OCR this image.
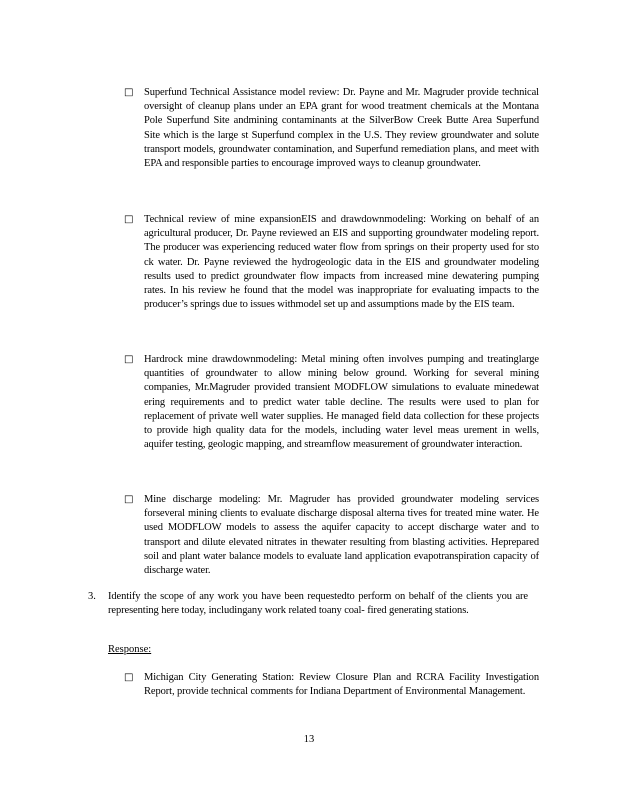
□ Superfund Technical Assistance model review: Dr. Payne and Mr. Magruder provide technical oversight of cleanup plans under an EPA grant for wood treatment chemicals at the Montana Pole Superfund Site andmining contaminants at the SilverBow Creek Butte Area Superfund Site which is the large st Superfund complex in the U.S. They review groundwater and solute transport models, groundwater contamination, and Superfund remediation plans, and meet with EPA and responsible parties to encourage improved ways to cleanup groundwater.
□ Technical review of mine expansionEIS and drawdownmodeling: Working on behalf of an agricultural producer, Dr. Payne reviewed an EIS and supporting groundwater modeling report. The producer was experiencing reduced water flow from springs on their property used for sto ck water. Dr. Payne reviewed the hydrogeologic data in the EIS and groundwater modeling results used to predict groundwater flow impacts from increased mine dewatering pumping rates. In his review he found that the model was inappropriate for evaluating impacts to the producer’s springs due to issues withmodel set up and assumptions made by the EIS team.
□ Hardrock mine drawdownmodeling: Metal mining often involves pumping and treatinglarge quantities of groundwater to allow mining below ground. Working for several mining companies, Mr.Magruder provided transient MODFLOW simulations to evaluate minedewat ering requirements and to predict water table decline. The results were used to plan for replacement of private well water supplies. He managed field data collection for these projects to provide high quality data for the models, including water level meas urement in wells, aquifer testing, geologic mapping, and streamflow measurement of groundwater interaction.
□ Mine discharge modeling: Mr. Magruder has provided groundwater modeling services forseveral mining clients to evaluate discharge disposal alterna tives for treated mine water. He used MODFLOW models to assess the aquifer capacity to accept discharge water and to transport and dilute elevated nitrates in thewater resulting from blasting activities. Heprepared soil and plant water balance models to evaluate land application evapotranspiration capacity of discharge water.
3. Identify the scope of any work you have been requestedto perform on behalf of the clients you are representing here today, includingany work related toany coal- fired generating stations.
Response:
□ Michigan City Generating Station: Review Closure Plan and RCRA Facility Investigation Report, provide technical comments for Indiana Department of Environmental Management.
13
